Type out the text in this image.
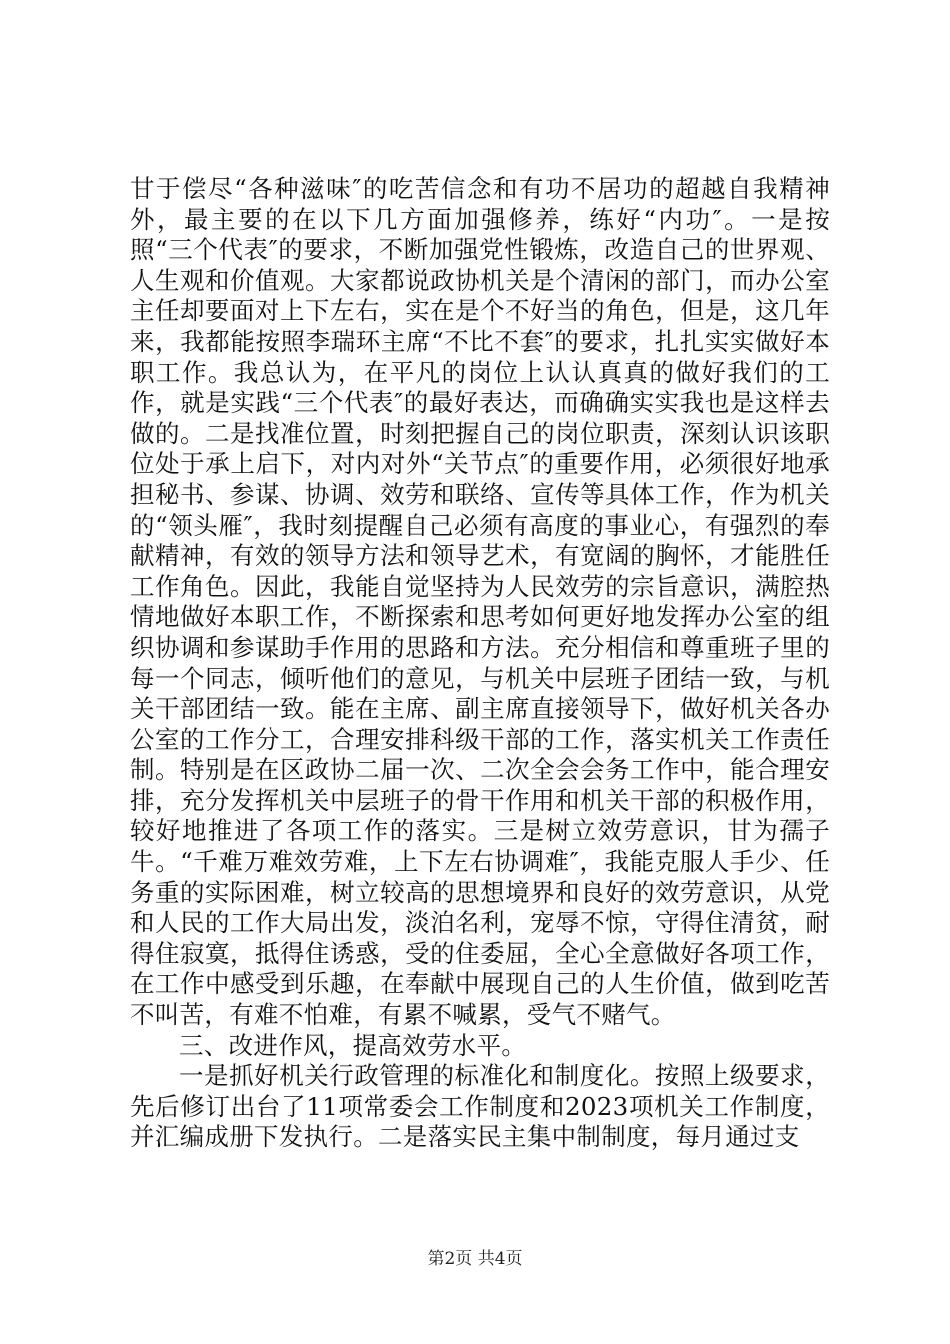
甘于偿尽“各种滋味″的吃苦信念和有功不居功的超越自我精神外，最主要的在以下几方面加强修养，练好“内功″。一是按照“三个代表″的要求，不断加强党性锻炼，改造自己的世界观、人生观和价值观。大家都说政协机关是个清闲的部门，而办公室主任却要面对上下左右，实在是个不好当的角色，但是，这几年来，我都能按照李瑞环主席“不比不套″的要求，扎扎实实做好本职工作。我总认为，在平凡的岗位上认认真真的做好我们的工作，就是实践“三个代表″的最好表达，而确确实实我也是这样去做的。二是找准位置，时刻把握自己的岗位职责，深刻认识该职位处于承上启下，对内对外“关节点″的重要作用，必须很好地承担秘书、参谋、协调、效劳和联络、宣传等具体工作，作为机关的“领头雁″，我时刻提醒自己必须有高度的事业心，有强烈的奉献精神，有效的领导方法和领导艺术，有宽阔的胸怀，才能胜任工作角色。因此，我能自觉坚持为人民效劳的宗旨意识，满腔热情地做好本职工作，不断探索和思考如何更好地发挥办公室的组织协调和参谋助手作用的思路和方法。充分相信和尊重班子里的每一个同志，倾听他们的意见，与机关中层班子团结一致，与机关干部团结一致。能在主席、副主席直接领导下，做好机关各办公室的工作分工，合理安排科级干部的工作，落实机关工作责任制。特别是在区政协二届一次、二次全会会务工作中，能合理安排，充分发挥机关中层班子的骨干作用和机关干部的积极作用，较好地推进了各项工作的落实。三是树立效劳意识，甘为孺子牛。“千难万难效劳难，上下左右协调难″，我能克服人手少、任务重的实际困难，树立较高的思想境界和良好的效劳意识，从党和人民的工作大局出发，淡泊名利，宠辱不惊，守得住清贫，耐得住寂寞，抵得住诱惑，受的住委屈，全心全意做好各项工作，在工作中感受到乐趣，在奉献中展现自己的人生价值，做到吃苦不叫苦，有难不怕难，有累不喊累，受气不赌气。

三、改进作风，提高效劳水平。

一是抓好机关行政管理的标准化和制度化。按照上级要求，先后修订出台了11项常委会工作制度和2023项机关工作制度，并汇编成册下发执行。二是落实民主集中制制度，每月通过支

第2页 共4页
